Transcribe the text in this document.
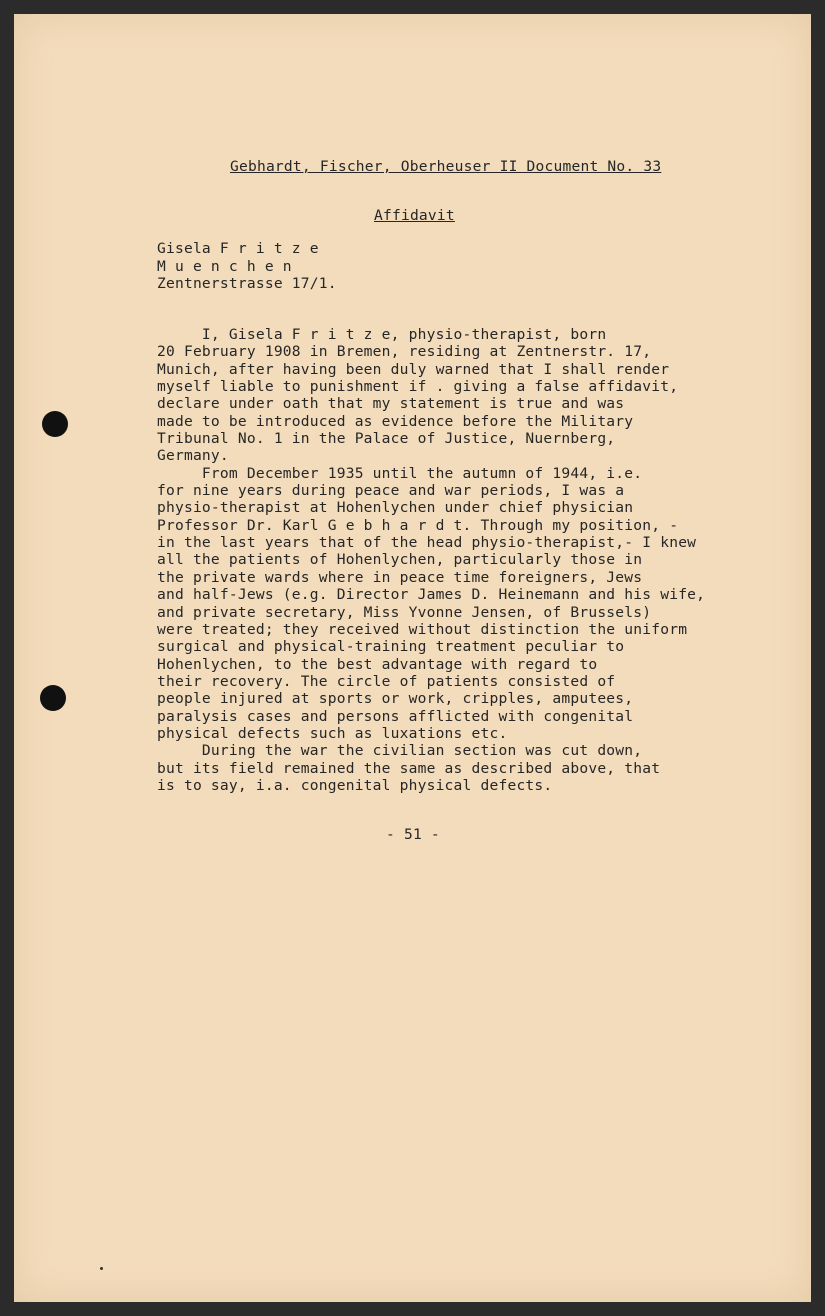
Gebhardt, Fischer, Oberheuser II Document No. 33
Affidavit
Gisela F r i t z e
M u e n c h e n
Zentnerstrasse 17/1.
I, Gisela F r i t z e, physio-therapist, born
20 February 1908 in Bremen, residing at Zentnerstr. 17,
Munich, after having been duly warned that I shall render
myself liable to punishment if . giving a false affidavit,
declare under oath that my statement is true and was
made to be introduced as evidence before the Military
Tribunal No. 1 in the Palace of Justice, Nuernberg,
Germany.
From December 1935 until the autumn of 1944, i.e.
for nine years during peace and war periods, I was a
physio-therapist at Hohenlychen under chief physician
Professor Dr. Karl G e b h a r d t. Through my position, -
in the last years that of the head physio-therapist,- I knew
all the patients of Hohenlychen, particularly those in
the private wards where in peace time foreigners, Jews
and half-Jews (e.g. Director James D. Heinemann and his wife,
and private secretary, Miss Yvonne Jensen, of Brussels)
were treated; they received without distinction the uniform
surgical and physical-training treatment peculiar to
Hohenlychen, to the best advantage with regard to
their recovery. The circle of patients consisted of
people injured at sports or work, cripples, amputees,
paralysis cases and persons afflicted with congenital
physical defects such as luxations etc.
During the war the civilian section was cut down,
but its field remained the same as described above, that
is to say, i.a. congenital physical defects.
- 51 -
